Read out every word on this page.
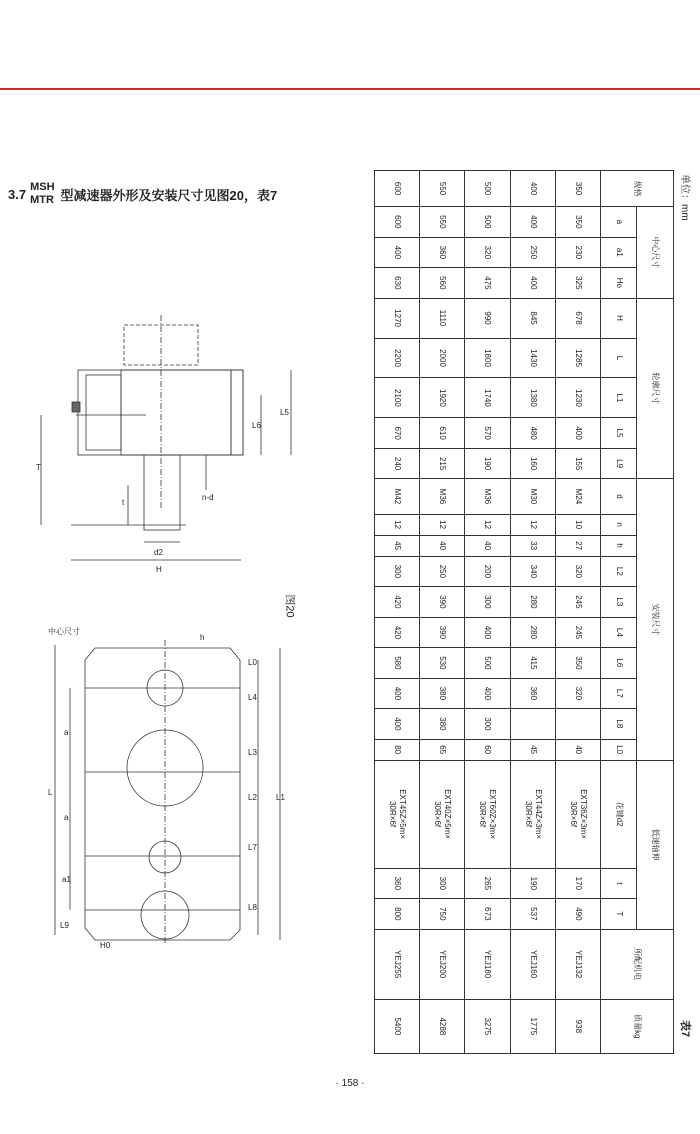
3.7 MSH
MTR 型减速器外形及安装尺寸见图20，表7
T
t
d2
H
n-d
L6
L5
图20
中心尺寸
a
a
L
a1
L9
h
L0
L4
L3
L2
L7
L8
L1
H0
单位：mm
表7
规格	中心尺寸			轮廓尺寸					安装尺寸										低速轴伸			所配机电	质量kg
	a	a1	Ho	H	L	L1	L5	L9	d	n	h	L2	L3	L4	L6	L7	L8	L0	花键d2	t	T		
350	350	230	325	678	1285	1230	400	155	M24	10	27	320	245	245	350	320		40	EXT36Z×3m×
30R×6f	170	490	YEJ132	938
400	400	250	400	845	1430	1380	480	160	M30	12	33	340	280	280	415	360		45	EXT44Z×3m×
30R×6f	190	537	YEJ160	1775
500	500	320	475	990	1800	1740	570	190	M36	12	40	200	300	400	500	400	300	60	EXT60Z×3m×
30R×6f	265	673	YEJ180	3275
550	550	360	560	1110	2000	1920	610	215	M36	12	40	250	390	390	530	380	380	65	EXT40Z×5m×
30R×6f	300	750	YEJ200	4288
600	600	400	630	1270	2200	2100	670	240	M42	12	45	300	420	420	580	400	400	80	EXT45Z×5m×
30R×6f	360	800	YEJ255	5400
· 158 ·
